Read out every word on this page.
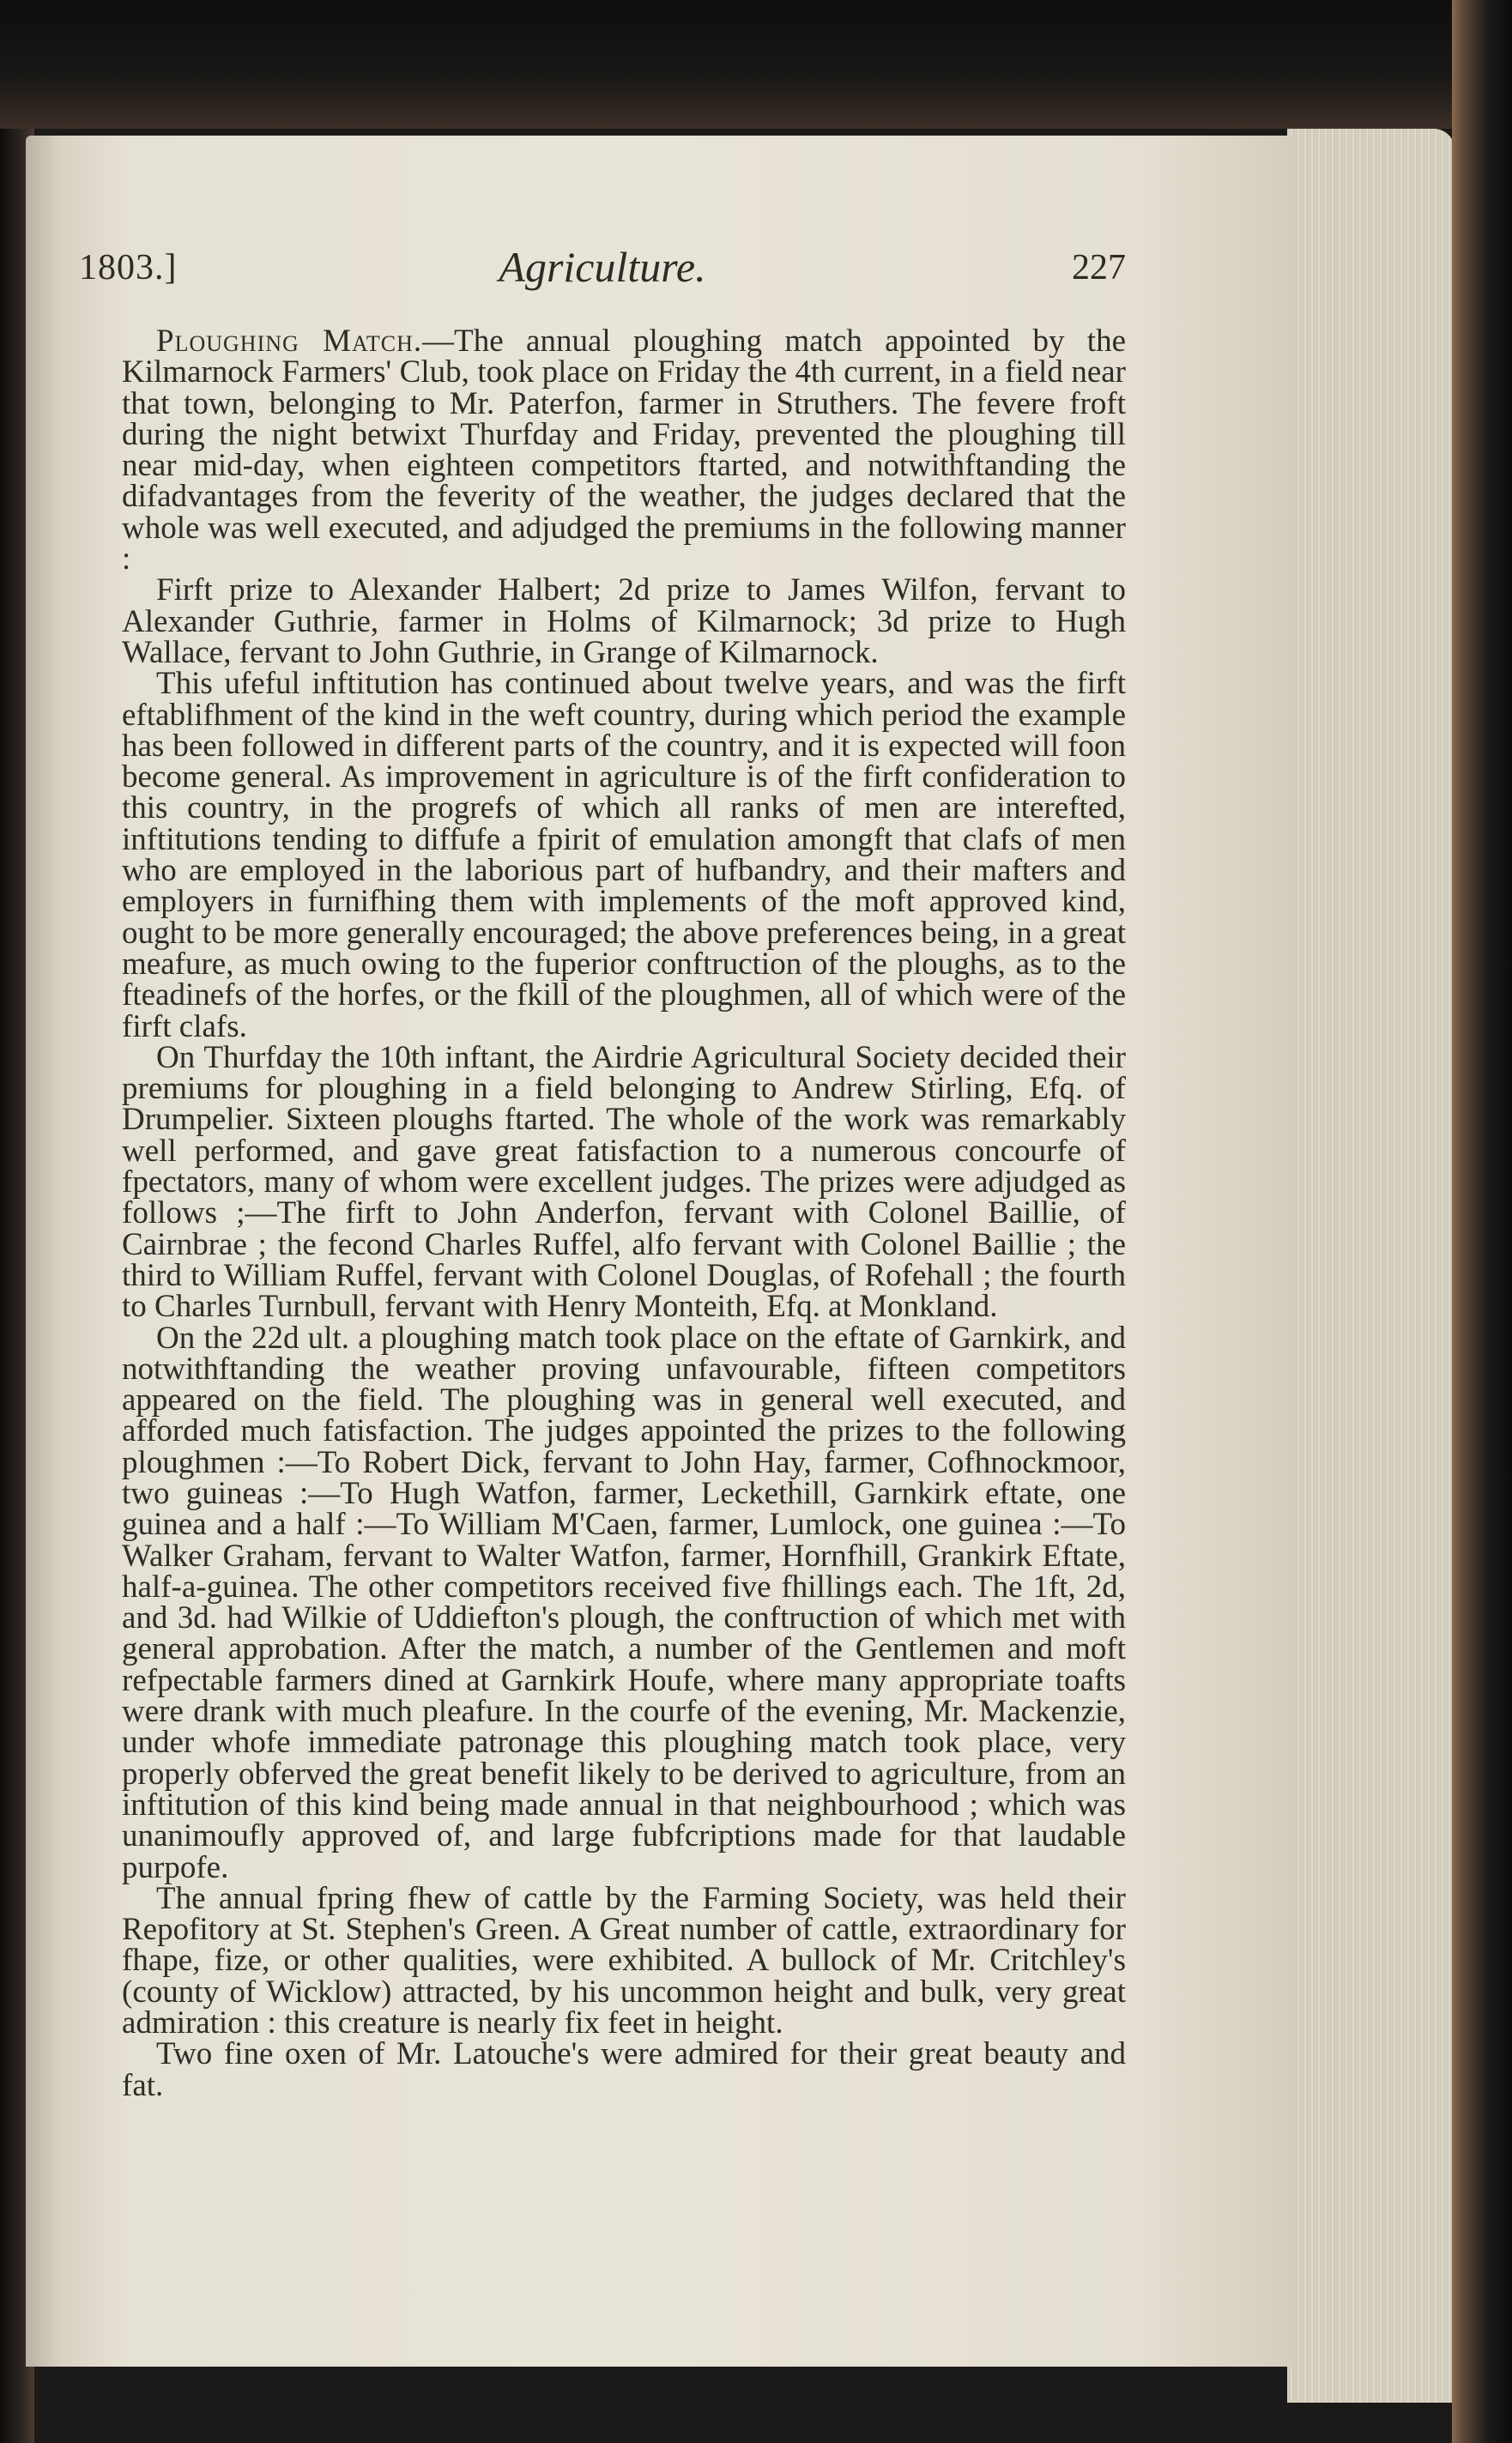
1803.]	Agriculture.	227

Ploughing Match.—The annual ploughing match appointed by the Kilmarnock Farmers' Club, took place on Friday the 4th current, in a field near that town, belonging to Mr. Paterfon, farmer in Struthers. The fevere froft during the night betwixt Thurfday and Friday, prevented the ploughing till near mid-day, when eighteen competitors ftarted, and notwithftanding the difadvantages from the feverity of the weather, the judges declared that the whole was well executed, and adjudged the premiums in the following manner :

Firft prize to Alexander Halbert; 2d prize to James Wilfon, fervant to Alexander Guthrie, farmer in Holms of Kilmarnock; 3d prize to Hugh Wallace, fervant to John Guthrie, in Grange of Kilmarnock.

This ufeful inftitution has continued about twelve years, and was the firft eftablifhment of the kind in the weft country, during which period the example has been followed in different parts of the country, and it is expected will foon become general. As improvement in agriculture is of the firft confideration to this country, in the progrefs of which all ranks of men are interefted, inftitutions tending to diffufe a fpirit of emulation amongft that clafs of men who are employed in the laborious part of hufbandry, and their mafters and employers in furnifhing them with implements of the moft approved kind, ought to be more generally encouraged; the above preferences being, in a great meafure, as much owing to the fuperior conftruction of the ploughs, as to the fteadinefs of the horfes, or the fkill of the ploughmen, all of which were of the firft clafs.

On Thurfday the 10th inftant, the Airdrie Agricultural Society decided their premiums for ploughing in a field belonging to Andrew Stirling, Efq. of Drumpelier. Sixteen ploughs ftarted. The whole of the work was remarkably well performed, and gave great fatisfaction to a numerous concourfe of fpectators, many of whom were excellent judges. The prizes were adjudged as follows ;—The firft to John Anderfon, fervant with Colonel Baillie, of Cairnbrae ; the fecond Charles Ruffel, alfo fervant with Colonel Baillie ; the third to William Ruffel, fervant with Colonel Douglas, of Rofehall ; the fourth to Charles Turnbull, fervant with Henry Monteith, Efq. at Monkland.

On the 22d ult. a ploughing match took place on the eftate of Garnkirk, and notwithftanding the weather proving unfavourable, fifteen competitors appeared on the field. The ploughing was in general well executed, and afforded much fatisfaction. The judges appointed the prizes to the following ploughmen :—To Robert Dick, fervant to John Hay, farmer, Cofhnockmoor, two guineas :—To Hugh Watfon, farmer, Leckethill, Garnkirk eftate, one guinea and a half :—To William M'Caen, farmer, Lumlock, one guinea :—To Walker Graham, fervant to Walter Watfon, farmer, Hornfhill, Grankirk Eftate, half-a-guinea. The other competitors received five fhillings each. The 1ft, 2d, and 3d. had Wilkie of Uddiefton's plough, the conftruction of which met with general approbation. After the match, a number of the Gentlemen and moft refpectable farmers dined at Garnkirk Houfe, where many appropriate toafts were drank with much pleafure. In the courfe of the evening, Mr. Mackenzie, under whofe immediate patronage this ploughing match took place, very properly obferved the great benefit likely to be derived to agriculture, from an inftitution of this kind being made annual in that neighbourhood ; which was unanimoufly approved of, and large fubfcriptions made for that laudable purpofe.

The annual fpring fhew of cattle by the Farming Society, was held their Repofitory at St. Stephen's Green. A Great number of cattle, extraordinary for fhape, fize, or other qualities, were exhibited. A bullock of Mr. Critchley's (county of Wicklow) attracted, by his uncommon height and bulk, very great admiration : this creature is nearly fix feet in height.

Two fine oxen of Mr. Latouche's were admired for their great beauty and fat.
